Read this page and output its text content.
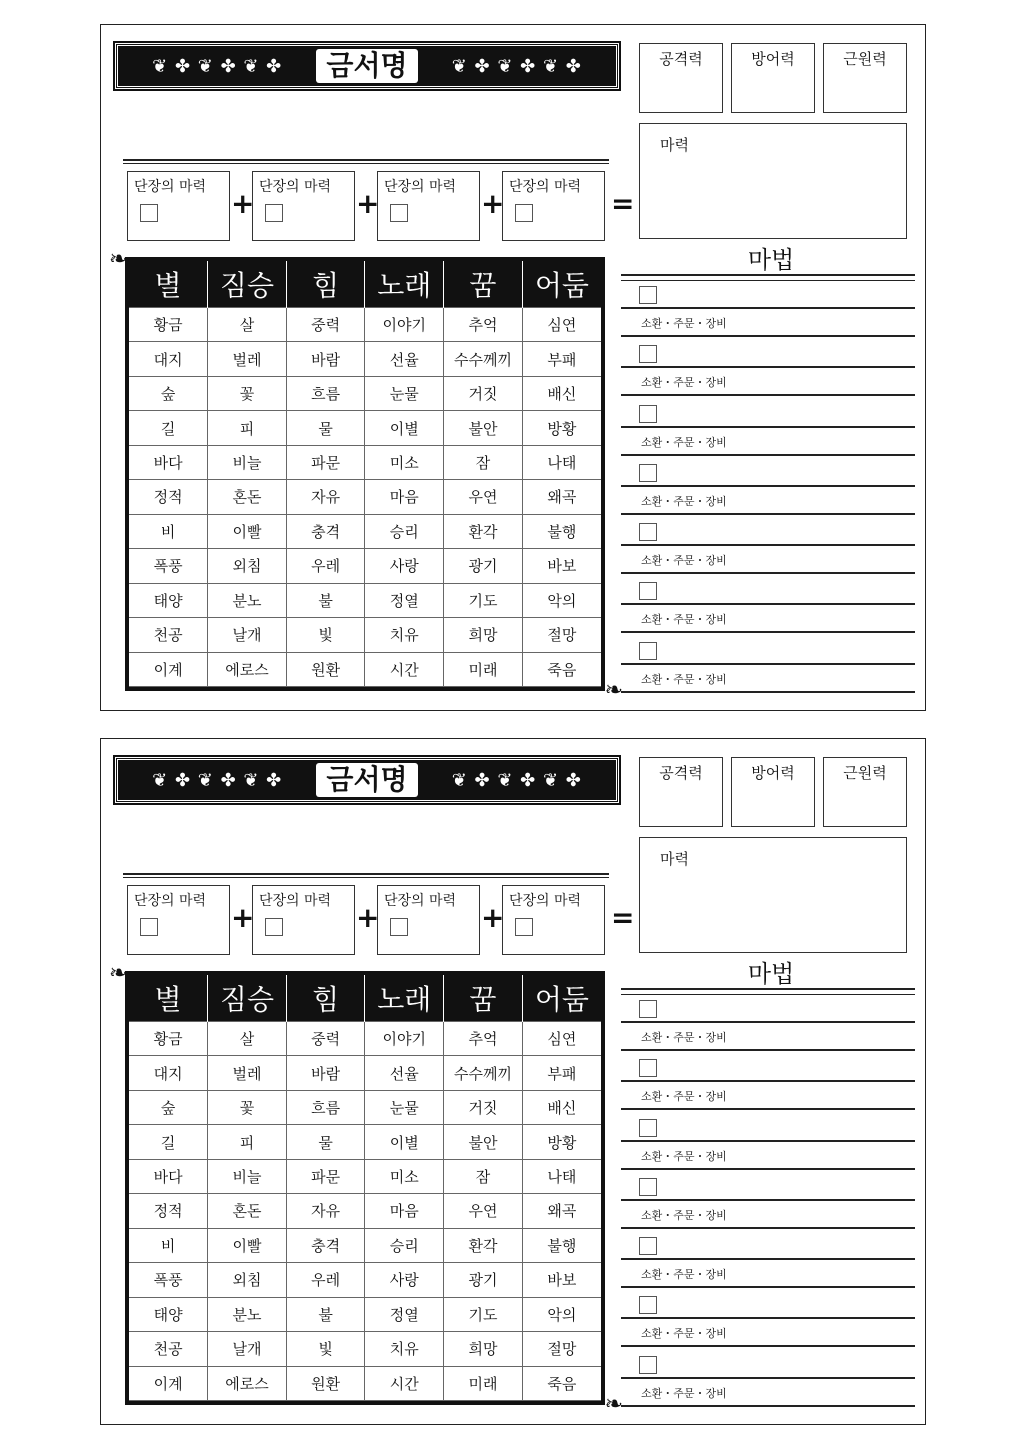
❦ ✤ ❦ ✤ ❦ ✤	금서명	❦ ✤ ❦ ✤ ❦ ✤	공격력	방어력	근원력
마력
단장의 마력 + 단장의 마력 + 단장의 마력 + 단장의 마력	=
❧
❧
별	짐승	힘	노래	꿈	어둠
황금	살	중력	이야기	추억	심연
대지	벌레	바람	선율	수수께끼	부패
숲	꽃	흐름	눈물	거짓	배신
길	피	물	이별	불안	방황
바다	비늘	파문	미소	잠	나태
정적	혼돈	자유	마음	우연	왜곡
비	이빨	충격	승리	환각	불행
폭풍	외침	우레	사랑	광기	바보
태양	분노	불	정열	기도	악의
천공	날개	빛	치유	희망	절망
이계	에로스	원환	시간	미래	죽음
마법
소환・주문・장비
소환・주문・장비
소환・주문・장비
소환・주문・장비
소환・주문・장비
소환・주문・장비
소환・주문・장비
❦ ✤ ❦ ✤ ❦ ✤	금서명	❦ ✤ ❦ ✤ ❦ ✤	공격력	방어력	근원력
마력
단장의 마력 + 단장의 마력 + 단장의 마력 + 단장의 마력	=
❧
❧
별	짐승	힘	노래	꿈	어둠
황금	살	중력	이야기	추억	심연
대지	벌레	바람	선율	수수께끼	부패
숲	꽃	흐름	눈물	거짓	배신
길	피	물	이별	불안	방황
바다	비늘	파문	미소	잠	나태
정적	혼돈	자유	마음	우연	왜곡
비	이빨	충격	승리	환각	불행
폭풍	외침	우레	사랑	광기	바보
태양	분노	불	정열	기도	악의
천공	날개	빛	치유	희망	절망
이계	에로스	원환	시간	미래	죽음
마법
소환・주문・장비
소환・주문・장비
소환・주문・장비
소환・주문・장비
소환・주문・장비
소환・주문・장비
소환・주문・장비
